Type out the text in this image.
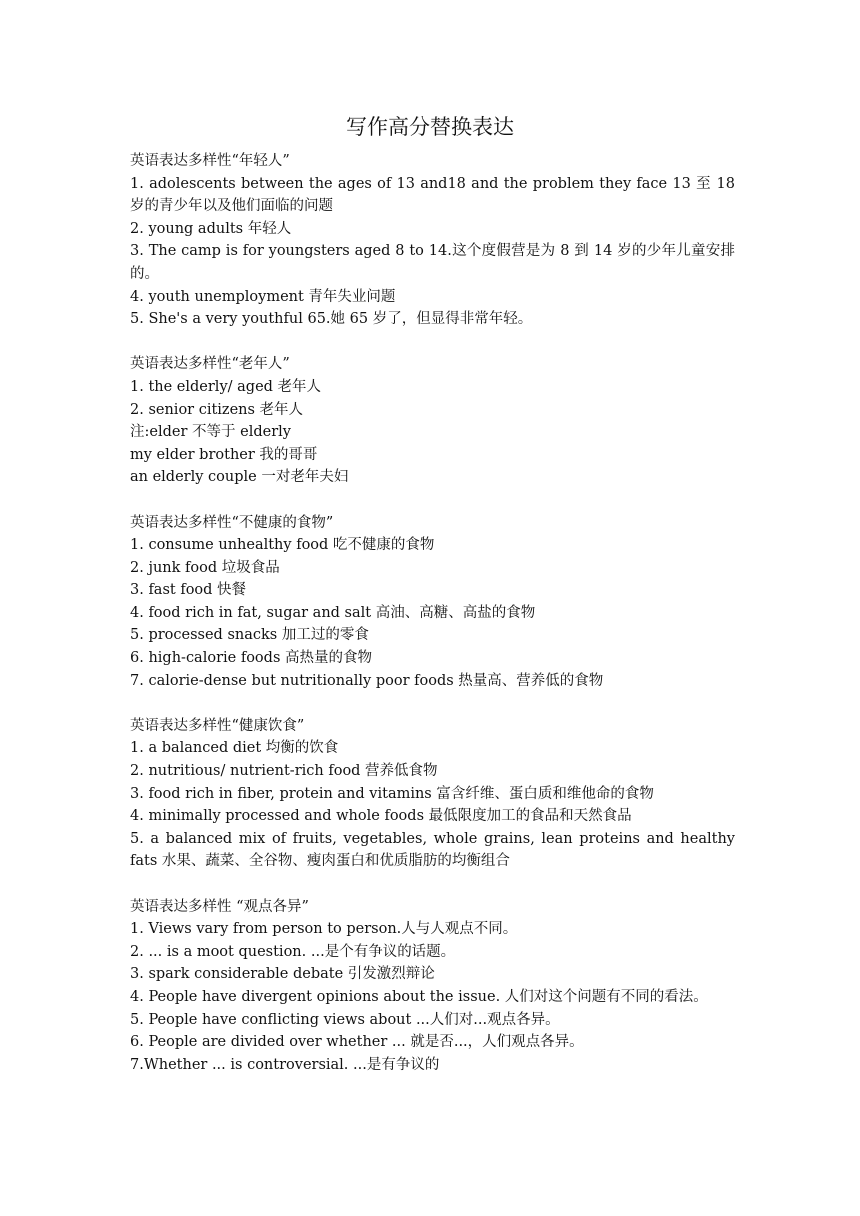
写作高分替换表达
英语表达多样性“年轻人”
1. adolescents between the ages of 13 and18 and the problem they face 13 至 18 岁的青少年以及他们面临的问题
2. young adults 年轻人
3. The camp is for youngsters aged 8 to 14.这个度假营是为 8 到 14 岁的少年儿童安排的。
4. youth unemployment 青年失业问题
5. She's a very youthful 65.她 65 岁了，但显得非常年轻。
英语表达多样性“老年人”
1. the elderly/ aged 老年人
2. senior citizens 老年人
注:elder 不等于 elderly
my elder brother 我的哥哥
an elderly couple 一对老年夫妇
英语表达多样性“不健康的食物”
1. consume unhealthy food 吃不健康的食物
2. junk food 垃圾食品
3. fast food 快餐
4. food rich in fat, sugar and salt 高油、高糖、高盐的食物
5. processed snacks 加工过的零食
6. high-calorie foods 高热量的食物
7. calorie-dense but nutritionally poor foods 热量高、营养低的食物
英语表达多样性“健康饮食”
1. a balanced diet 均衡的饮食
2. nutritious/ nutrient-rich food 营养低食物
3. food rich in fiber, protein and vitamins 富含纤维、蛋白质和维他命的食物
4. minimally processed and whole foods 最低限度加工的食品和天然食品
5. a balanced mix of fruits, vegetables, whole grains, lean proteins and healthy fats 水果、蔬菜、全谷物、瘦肉蛋白和优质脂肪的均衡组合
英语表达多样性 “观点各异”
1. Views vary from person to person.人与人观点不同。
2. ... is a moot question. ...是个有争议的话题。
3. spark considerable debate 引发激烈辩论
4. People have divergent opinions about the issue. 人们对这个问题有不同的看法。
5. People have conflicting views about ...人们对...观点各异。
6. People are divided over whether ... 就是否...，人们观点各异。
7.Whether ... is controversial. ...是有争议的
